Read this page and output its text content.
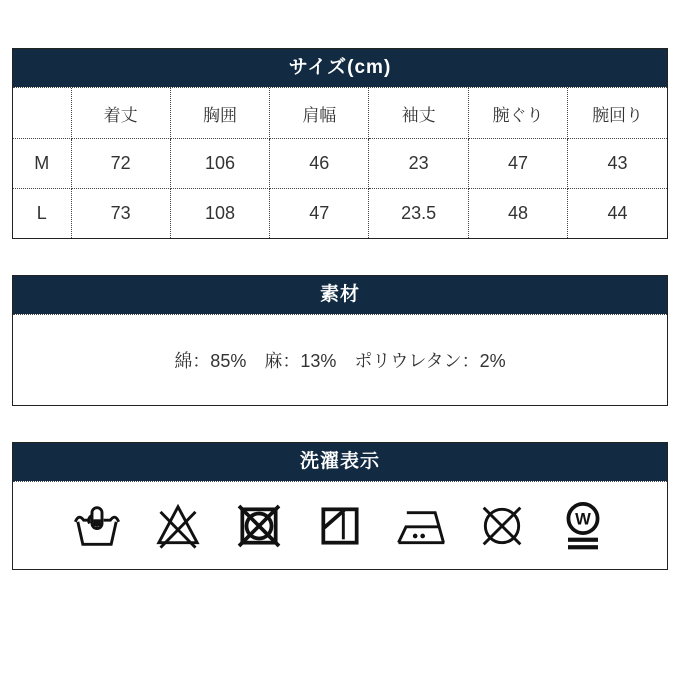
サイズ(cm)
	着丈	胸囲	肩幅	袖丈	腕ぐり	腕回り
M	72	106	46	23	47	43
L	73	108	47	23.5	48	44
素材
綿：85%　麻：13%　ポリウレタン：2%
洗濯表示
W
